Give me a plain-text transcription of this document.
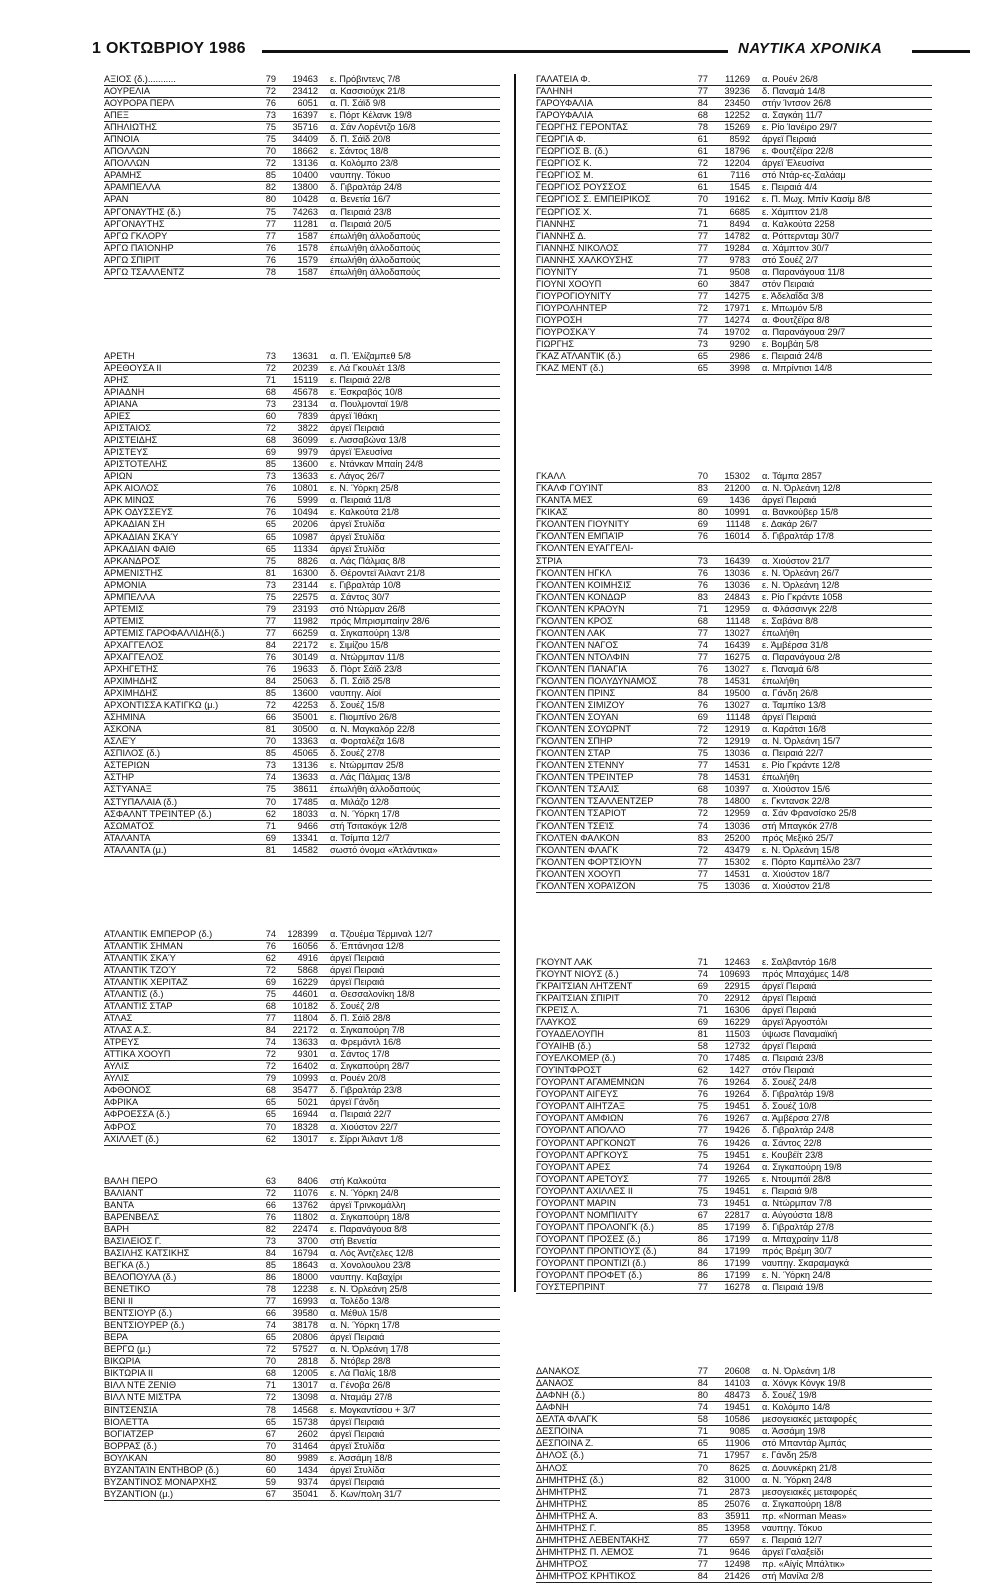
1 ΟΚΤΩΒΡΙΟΥ 1986	ΝΑΥΤΙΚΑ ΧΡΟΝΙΚΑ
ΑΞΙΟΣ (δ.)...........	79	19463 ε. Πρόβιντενς 7/8
ΑΟΥΡΕΛΙΑ	72	23412 α. Κασσιούχκ 21/8
ΑΟΥΡΟΡΑ ΠΕΡΛ	76	6051 α. Π. Σάϊδ 9/8
ΑΠΕΞ	73	16397 ε. Πόρτ Κέλανκ 19/8
ΑΠΗΛΙΩΤΗΣ	75	35716 α. Σάν Λορέντζο 16/8
ΑΠΝΟΙΑ	75	34409 δ. Π. Σάϊδ 20/8
ΑΠΟΛΛΩΝ	70	18662 ε. Σάντος 18/8
ΑΠΟΛΛΩΝ	72	13136 α. Κολόμπο 23/8
ΑΡΑΜΗΣ	85	10400 ναυπηγ. Τόκυο
ΑΡΑΜΠΕΛΛΑ	82	13800 δ. Γιβραλτάρ 24/8
ΑΡΑΝ	80	10428 α. Βενετία 16/7
ΑΡΓΟΝΑΥΤΗΣ (δ.)	75	74263 α. Πειραιά 23/8
ΑΡΓΟΝΑΥΤΗΣ	77	11281 α. Πειραιά 20/5
ΑΡΓΩ ΓΚΛΟΡΥ	77	1587 έπωλήθη άλλοδαπούς
ΑΡΓΩ ΠΑΊΟΝΗΡ	76	1578 έπωλήθη άλλοδαπούς
ΑΡΓΩ ΣΠΙΡΙΤ	76	1579 έπωλήθη άλλοδαπούς
ΑΡΓΩ ΤΣΑΛΛΕΝΤΖ	78	1587 έπωλήθη άλλοδαπούς
ΑΡΕΤΗ	73	13631 α. Π. Έλίζαμπεθ 5/8
ΑΡΕΘΟΥΣΑ ΙΙ	72	20239 ε. Λά Γκουλέτ 13/8
ΑΡΗΣ	71	15119 ε. Πειραιά 22/8
ΑΡΙΑΔΝΗ	68	45678 ε. Έσκραβός 10/8
ΑΡΙΑΝΑ	73	23134 α. Πουλμονταϊ 19/8
ΑΡΙΕΣ	60	7839 άργεϊ Ίθάκη
ΑΡΙΣΤΑΙΟΣ	72	3822 άργεϊ Πειραιά
ΑΡΙΣΤΕΙΔΗΣ	68	36099 ε. Λισσαβώνα 13/8
ΑΡΙΣΤΕΥΣ	69	9979 άργεϊ Έλευσίνα
ΑΡΙΣΤΟΤΕΛΗΣ	85	13600 ε. Ντάνκαν Μπαίη 24/8
ΑΡΙΩΝ	73	13633 ε. Λάγος 26/7
ΑΡΚ ΑΙΟΛΟΣ	76	10801 ε. Ν. Ύόρκη 25/8
ΑΡΚ ΜΙΝΩΣ	76	5999 α. Πειραιά 11/8
ΑΡΚ ΟΔΥΣΣΕΥΣ	76	10494 ε. Καλκούτα 21/8
ΑΡΚΑΔΙΑΝ ΣΗ	65	20206 άργεϊ Στυλίδα
ΑΡΚΑΔΙΑΝ ΣΚΑΎ	65	10987 άργεϊ Στυλίδα
ΑΡΚΑΔΙΑΝ ΦΑΙΘ	65	11334 άργεϊ Στυλίδα
ΑΡΚΑΝΔΡΟΣ	75	8826 α. Λάς Πάλμας 8/8
ΑΡΜΕΝΙΣΤΗΣ	81	16300 δ. Θέροντεϊ Άιλαντ 21/8
ΑΡΜΟΝΙΑ	73	23144 ε. Γιβραλτάρ 10/8
ΑΡΜΠΕΛΛΑ	75	22575 α. Σάντος 30/7
ΑΡΤΕΜΙΣ	79	23193 στό Ντώρμαν 26/8
ΑΡΤΕΜΙΣ	77	11982 πρός Μπρισμπαίην 28/6
ΑΡΤΕΜΙΣ ΓΑΡΟΦΑΛΛΙΔΗ(δ.)	77	66259 α. Σιγκαπούρη 13/8
ΑΡΧΑΓΓΕΛΟΣ	84	22172 ε. Σιμίζου 15/8
ΑΡΧΑΓΓΕΛΟΣ	76	30149 α. Ντώρμπαν 11/8
ΑΡΧΗΓΕΤΗΣ	76	19633 δ. Πόρτ Σάϊδ 23/8
ΑΡΧΙΜΗΔΗΣ	84	25063 δ. Π. Σάϊδ 25/8
ΑΡΧΙΜΗΔΗΣ	85	13600 ναυπηγ. Αίοϊ
ΑΡΧΟΝΤΙΣΣΑ ΚΑΤΙΓΚΩ (μ.)	72	42253 δ. Σουέζ 15/8
ΑΣΗΜΙΝΑ	66	35001 ε. Πιομπίνο 26/8
ΑΣΚΟΝΑ	81	30500 α. Ν. Μαγκαλόρ 22/8
ΑΣΛΕΎ	70	13363 α. Φορταλέζα 16/8
ΑΣΠΙΛΟΣ (δ.)	85	45065 δ. Σουέζ 27/8
ΑΣΤΕΡΙΩΝ	73	13136 ε. Ντώρμπαν 25/8
ΑΣΤΗΡ	74	13633 α. Λάς Πάλμας 13/8
ΑΣΤΥΑΝΑΞ	75	38611 έπωλήθη άλλοδαπούς
ΑΣΤΥΠΑΛΑΙΑ (δ.)	70	17485 α. Μιλάζο 12/8
ΑΣΦΑΛΝΤ ΤΡΕΊΝΤΕΡ (δ.)	62	18033 α. Ν. Ύόρκη 17/8
ΑΣΩΜΑΤΟΣ	71	9466 στή Τσιτακόγκ 12/8
ΑΤΑΛΑΝΤΑ	69	13341 α. Τσίμπα 12/7
ΑΤΑΛΑΝΤΑ (μ.)	81	14582 σωστό όνομα «Άτλάντικα»
ΑΤΛΑΝΤΙΚ ΕΜΠΕΡΟΡ (δ.)	74	128399 α. Τζουέμα Τέρμιναλ 12/7
ΑΤΛΑΝΤΙΚ ΣΗΜΑΝ	76	16056 δ. Έπτάνησα 12/8
ΑΤΛΑΝΤΙΚ ΣΚΑΎ	62	4916 άργεϊ Πειραιά
ΑΤΛΑΝΤΙΚ ΤΖΟΎ	72	5868 άργεϊ Πειραιά
ΑΤΛΑΝΤΙΚ ΧΕΡΙΤΑΖ	69	16229 άργεϊ Πειραιά
ΑΤΛΑΝΤΙΣ (δ.)	75	44601 α. Θεσσαλονίκη 18/8
ΑΤΛΑΝΤΙΣ ΣΤΑΡ	68	10182 δ. Σουέζ 2/8
ΑΤΛΑΣ	77	11804 δ. Π. Σάϊδ 28/8
ΑΤΛΑΣ Α.Σ.	84	22172 α. Σιγκαπούρη 7/8
ΑΤΡΕΥΣ	74	13633 α. Φρεμάντλ 16/8
ΑΤΤΙΚΑ ΧΟΟΥΠ	72	9301 α. Σάντος 17/8
ΑΥΛΙΣ	72	16402 α. Σιγκαπούρη 28/7
ΑΥΛΙΣ	79	10993 α. Ρουέν 20/8
ΑΦΘΟΝΟΣ	68	35477 δ. Γιβραλτάρ 23/8
ΑΦΡΙΚΑ	65	5021 άργεϊ Γάνδη
ΑΦΡΟΕΣΣΑ (δ.)	65	16944 α. Πειραιά 22/7
ΑΦΡΟΣ	70	18328 α. Χιούστον 22/7
ΑΧΙΛΛΕΤ (δ.)	62	13017 ε. Σίρρι Άιλαντ 1/8
ΒΑΛΗ ΠΕΡΟ	63	8406 στή Καλκούτα
ΒΑΛΙΑΝΤ	72	11076 ε. Ν. Ύόρκη 24/8
ΒΑΝΤΑ	66	13762 άργεϊ Τρινκομάλλη
ΒΑΡΕΝΒΕΛΣ	76	11802 α. Σιγκαπούρη 18/8
ΒΑΡΗ	82	22474 ε. Παρανάγουα 8/8
ΒΑΣΙΛΕΙΟΣ Γ.	73	3700 στή Βενετία
ΒΑΣΙΛΗΣ ΚΑΤΣΙΚΗΣ	84	16794 α. Λός Άντζελες 12/8
ΒΕΓΚΑ (δ.)	85	18643 α. Χονολουλου 23/8
ΒΕΛΟΠΟΥΛΑ (δ.)	86	18000 ναυπηγ. Καβαχίρι
ΒΕΝΕΤΙΚΟ	78	12238 ε. Ν. Όρλεάνη 25/8
ΒΕΝΙ ΙΙ	77	16993 α. Τολέδο 13/8
ΒΕΝΤΣΙΟΥΡ (δ.)	66	39580 α. Μέθυλ 15/8
ΒΕΝΤΣΙΟΥΡΕΡ (δ.)	74	38178 α. Ν. Ύόρκη 17/8
ΒΕΡΑ	65	20806 άργεϊ Πειραιά
ΒΕΡΓΩ (μ.)	72	57527 α. Ν. Όρλεάνη 17/8
ΒΙΚΩΡΙΑ	70	2818 δ. Ντόβερ 28/8
ΒΙΚΤΩΡΙΑ ΙΙ	68	12005 ε. Λά Παλίς 18/8
ΒΙΛΛ ΝΤΕ ΖΕΝΙΘ	71	13017 α. Γένοβα 26/8
ΒΙΛΛ ΝΤΕ ΜΙΣΤΡΑ	72	13098 α. Νταμάμ 27/8
ΒΙΝΤΣΕΝΣΙΑ	78	14568 ε. Μογκαντίσου + 3/7
ΒΙΟΛΕΤΤΑ	65	15738 άργεϊ Πειραιά
ΒΟΓΙΑΤΖΕΡ	67	2602 άργεϊ Πειραιά
ΒΟΡΡΑΣ (δ.)	70	31464 άργεϊ Στυλίδα
ΒΟΥΛΚΑΝ	80	9989 ε. Άσσάμη 18/8
ΒΥΖΑΝΤΑΊΝ ΕΝΤΗΒΟΡ (δ.)	60	1434 άργεϊ Στυλίδα
ΒΥΖΑΝΤΙΝΟΣ ΜΟΝΑΡΧΗΣ	59	9374 άργεϊ Πειραιά
ΒΥΖΑΝΤΙΟΝ (μ.)	67	35041 δ. Κων/πολη 31/7
ΓΑΛΑΤΕΙΑ Φ.	77	11269 α. Ρουέν 26/8
ΓΑΛΗΝΗ	77	39236 δ. Παναμά 14/8
ΓΑΡΟΥΦΑΛΙΑ	84	23450 στήν Ίντσον 26/8
ΓΑΡΟΥΦΑΛΙΑ	68	12252 α. Σαγκάη 11/7
ΓΕΩΡΓΗΣ ΓΕΡΟΝΤΑΣ	78	15269 ε. Ρίο Ίανέιρο 29/7
ΓΕΩΡΓΙΑ Φ.	61	8592 άργεϊ Πειραιά
ΓΕΩΡΓΙΟΣ Β. (δ.)	61	18796 ε. Φουτζέϊρα 22/8
ΓΕΩΡΓΙΟΣ Κ.	72	12204 άργεϊ Έλευσίνα
ΓΕΩΡΓΙΟΣ Μ.	61	7116 στό Ντάρ-ες-Σαλάαμ
ΓΕΩΡΓΙΟΣ ΡΟΥΣΣΟΣ	61	1545 ε. Πειραιά 4/4
ΓΕΩΡΓΙΟΣ Σ. ΕΜΠΕΙΡΙΚΟΣ	70	19162 ε. Π. Μωχ. Μπίν Κασίμ 8/8
ΓΕΩΡΓΙΟΣ Χ.	71	6685 ε. Χάμπτον 21/8
ΓΙΑΝΝΗΣ	71	8494 α. Καλκούτα 2258
ΓΙΑΝΝΗΣ Δ.	77	14782 α. Ρόττερνταμ 30/7
ΓΙΑΝΝΗΣ ΝΙΚΟΛΟΣ	77	19284 α. Χάμπτον 30/7
ΓΙΑΝΝΗΣ ΧΑΛΚΟΥΣΗΣ	77	9783 στό Σουέζ 2/7
ΓΙΟΥΝΙΤΥ	71	9508 α. Παρανάγουα 11/8
ΓΙΟΥΝΙ ΧΟΟΥΠ	60	3847 στόν Πειραιά
ΓΙΟΥΡΟΓΙΟΥΝΙΤΥ	77	14275 ε. Άδελαΐδα 3/8
ΓΙΟΥΡΟΛΗΝΤΕΡ	72	17971 ε. Μπωμόν 5/8
ΓΙΟΥΡΟΣΗ	77	14274 α. Φουτζέϊρα 8/8
ΓΙΟΥΡΟΣΚΑΎ	74	19702 α. Παρανάγουα 29/7
ΓΙΩΡΓΗΣ	73	9290 ε. Βομβάη 5/8
ΓΚΑΖ ΑΤΛΑΝΤΙΚ (δ.)	65	2986 ε. Πειραιά 24/8
ΓΚΑΖ ΜΕΝΤ (δ.)	65	3998 α. Μπρίντισι 14/8
ΓΚΑΛΛ	70	15302 α. Τάμπα 2857
ΓΚΑΛΦ ΓΟΥΊΝΤ	83	21200 α. Ν. Όρλεάνη 12/8
ΓΚΑΝΤΑ ΜΕΣ	69	1436 άργεϊ Πειραιά
ΓΚΙΚΑΣ	80	10991 α. Βανκούβερ 15/8
ΓΚΟΛΝΤΕΝ ΓΙΟΥΝΙΤΥ	69	11148 ε. Δακάρ 26/7
ΓΚΟΛΝΤΕΝ ΕΜΠΑΊΡ	76	16014 δ. Γιβραλτάρ 17/8
ΓΚΟΛΝΤΕΝ ΕΥΑΓΓΕΛΙ-
ΣΤΡΙΑ	73	16439 α. Χιούστον 21/7
ΓΚΟΛΝΤΕΝ ΗΓΚΛ	76	13036 ε. Ν. Όρλεάνη 26/7
ΓΚΟΛΝΤΕΝ ΚΟΙΜΗΣΙΣ	76	13036 ε. Ν. Όρλεάνη 12/8
ΓΚΟΛΝΤΕΝ ΚΟΝΔΩΡ	83	24843 ε. Ρίο Γκράντε 1058
ΓΚΟΛΝΤΕΝ ΚΡΑΟΥΝ	71	12959 α. Φλάσσινγκ 22/8
ΓΚΟΛΝΤΕΝ ΚΡΟΣ	68	11148 ε. Σαβάνα 8/8
ΓΚΟΛΝΤΕΝ ΛΑΚ	77	13027 έπωλήθη
ΓΚΟΛΝΤΕΝ ΝΑΓΟΣ	74	16439 ε. Άμβέρσα 31/8
ΓΚΟΛΝΤΕΝ ΝΤΟΛΦΙΝ	77	16275 α. Παρανάγουα 2/8
ΓΚΟΛΝΤΕΝ ΠΑΝΑΓΙΑ	76	13027 ε. Παναμά 6/8
ΓΚΟΛΝΤΕΝ ΠΟΛΥΔΥΝΑΜΟΣ	78	14531 έπωλήθη
ΓΚΟΛΝΤΕΝ ΠΡΙΝΣ	84	19500 α. Γάνδη 26/8
ΓΚΟΛΝΤΕΝ ΣΙΜΙΖΟΥ	76	13027 α. Ταμπίκο 13/8
ΓΚΟΛΝΤΕΝ ΣΟΥΑΝ	69	11148 άργεϊ Πειραιά
ΓΚΟΛΝΤΕΝ ΣΟΥΩΡΝΤ	72	12919 α. Καράτσι 16/8
ΓΚΟΛΝΤΕΝ ΣΠΗΡ	72	12919 α. Ν. Όρλεάνη 15/7
ΓΚΟΛΝΤΕΝ ΣΤΑΡ	75	13036 α. Πειραιά 22/7
ΓΚΟΛΝΤΕΝ ΣΤΕΝΝΥ	77	14531 ε. Ρίο Γκράντε 12/8
ΓΚΟΛΝΤΕΝ ΤΡΕΊΝΤΕΡ	78	14531 έπωλήθη
ΓΚΟΛΝΤΕΝ ΤΣΑΛΙΣ	68	10397 α. Χιούστον 15/6
ΓΚΟΛΝΤΕΝ ΤΣΑΛΛΕΝΤΖΕΡ	78	14800 ε. Γκντανσκ 22/8
ΓΚΟΛΝΤΕΝ ΤΣΑΡΙΟΤ	72	12959 α. Σάν Φρανσίσκο 25/8
ΓΚΟΛΝΤΕΝ ΤΣΕΊΣ	74	13036 στή Μπαγκόκ 27/8
ΓΚΟΛΤΕΝ ΦΑΛΚΟΝ	83	25200 πρός Μεξικό 25/7
ΓΚΟΛΝΤΕΝ ΦΛΑΓΚ	72	43479 ε. Ν. Όρλεάνη 15/8
ΓΚΟΛΝΤΕΝ ΦΟΡΤΣΙΟΥΝ	77	15302 ε. Πόρτο Καμπέλλο 23/7
ΓΚΟΛΝΤΕΝ ΧΟΟΥΠ	77	14531 α. Χιούστον 18/7
ΓΚΟΛΝΤΕΝ ΧΟΡΑΊΖΟΝ	75	13036 α. Χιούστον 21/8
ΓΚΟΥΝΤ ΛΑΚ	71	12463 ε. Σαλβαντόρ 16/8
ΓΚΟΥΝΤ ΝΙΟΥΣ (δ.)	74	109693 πρός Μπαχάμες 14/8
ΓΚΡΑΙΤΣΙΑΝ ΛΗΤΖΕΝΤ	69	22915 άργεϊ Πειραιά
ΓΚΡΑΙΤΣΙΑΝ ΣΠΙΡΙΤ	70	22912 άργεϊ Πειραιά
ΓΚΡΕΊΣ Λ.	71	16306 άργεϊ Πειραιά
ΓΛΑΥΚΟΣ	69	16229 άργεϊ Άργοστόλι
ΓΟΥΑΔΕΛΟΥΠΗ	81	11503 ύψωσε Παναμαϊκή
ΓΟΥΑΙΗΒ (δ.)	58	12732 άργεϊ Πειραιά
ΓΟΥΕΛΚΟΜΕΡ (δ.)	70	17485 α. Πειραιά 23/8
ΓΟΥΊΝΤΦΡΟΣΤ	62	1427 στόν Πειραιά
ΓΟΥΟΡΛΝΤ ΑΓΑΜΕΜΝΩΝ	76	19264 δ. Σουέζ 24/8
ΓΟΥΟΡΛΝΤ ΑΙΓΕΥΣ	76	19264 δ. Γιβραλτάρ 19/8
ΓΟΥΟΡΛΝΤ ΑΙΗΤΖΑΞ	75	19451 δ. Σουέζ 10/8
ΓΟΥΟΡΛΝΤ ΑΜΦΙΩΝ	76	19267 α. Άμβέρσα 27/8
ΓΟΥΟΡΛΝΤ ΑΠΟΛΛΟ	77	19426 δ. Γιβραλτάρ 24/8
ΓΟΥΟΡΛΝΤ ΑΡΓΚΟΝΩΤ	76	19426 α. Σάντος 22/8
ΓΟΥΟΡΛΝΤ ΑΡΓΚΟΥΣ	75	19451 ε. Κουβέϊτ 23/8
ΓΟΥΟΡΛΝΤ ΑΡΕΣ	74	19264 α. Σιγκαπούρη 19/8
ΓΟΥΟΡΛΝΤ ΑΡΕΤΟΥΣ	77	19265 ε. Ντουμπάϊ 28/8
ΓΟΥΟΡΛΝΤ ΑΧΙΛΛΕΣ ΙΙ	75	19451 ε. Πειραιά 9/8
ΓΟΥΟΡΛΝΤ ΜΑΡΙΝ	73	19451 α. Ντώρμπαν 7/8
ΓΟΥΟΡΛΝΤ ΝΟΜΠΙΛΙΤΥ	67	22817 α. Αύγούστα 18/8
ΓΟΥΟΡΛΝΤ ΠΡΟΛΟΝΓΚ (δ.)	85	17199 δ. Γιβραλτάρ 27/8
ΓΟΥΟΡΛΝΤ ΠΡΟΣΕΣ (δ.)	86	17199 α. Μπαχραίην 11/8
ΓΟΥΟΡΛΝΤ ΠΡΟΝΤΙΟΥΣ (δ.)	84	17199 πρός Βρέμη 30/7
ΓΟΥΟΡΛΝΤ ΠΡΟΝΤΙΖΙ (δ.)	86	17199 ναυπηγ. Σκαραμαγκά
ΓΟΥΟΡΛΝΤ ΠΡΟΦΕΤ (δ.)	86	17199 ε. Ν. Ύόρκη 24/8
ΓΟΥΣΤΕΡΠΡΙΝΤ	77	16278 α. Πειραιά 19/8
ΔΑΝΑΚΟΣ	77	20608 α. Ν. Όρλεάνη 1/8
ΔΑΝΑΟΣ	84	14103 α. Χόνγκ Κόνγκ 19/8
ΔΑΦΝΗ (δ.)	80	48473 δ. Σουέζ 19/8
ΔΑΦΝΗ	74	19451 α. Κολόμπο 14/8
ΔΕΛΤΑ ΦΛΑΓΚ	58	10586 μεσογειακές μεταφορές
ΔΕΣΠΟΙΝΑ	71	9085 α. Άσσάμη 19/8
ΔΕΣΠΟΙΝΑ Ζ.	65	11906 στό Μπαντάρ Άμπάς
ΔΗΛΟΣ (δ.)	71	17957 ε. Γάνδη 25/8
ΔΗΛΟΣ	70	8625 α. Δουνκέρκη 21/8
ΔΗΜΗΤΡΗΣ (δ.)	82	31000 α. Ν. Ύόρκη 24/8
ΔΗΜΗΤΡΗΣ	71	2873 μεσογειακές μεταφορές
ΔΗΜΗΤΡΗΣ	85	25076 α. Σιγκαπούρη 18/8
ΔΗΜΗΤΡΗΣ Α.	83	35911 πρ. «Norman Meas»
ΔΗΜΗΤΡΗΣ Γ.	85	13958 ναυπηγ. Τόκυο
ΔΗΜΗΤΡΗΣ ΛΕΒΕΝΤΑΚΗΣ	77	6597 ε. Πειραιά 12/7
ΔΗΜΗΤΡΗΣ Π. ΛΕΜΟΣ	71	9646 άργεϊ Γαλαξείδι
ΔΗΜΗΤΡΟΣ	77	12498 πρ. «Αίγίς Μπάλτικ»
ΔΗΜΗΤΡΟΣ ΚΡΗΤΙΚΟΣ	84	21426 στή Μανίλα 2/8
